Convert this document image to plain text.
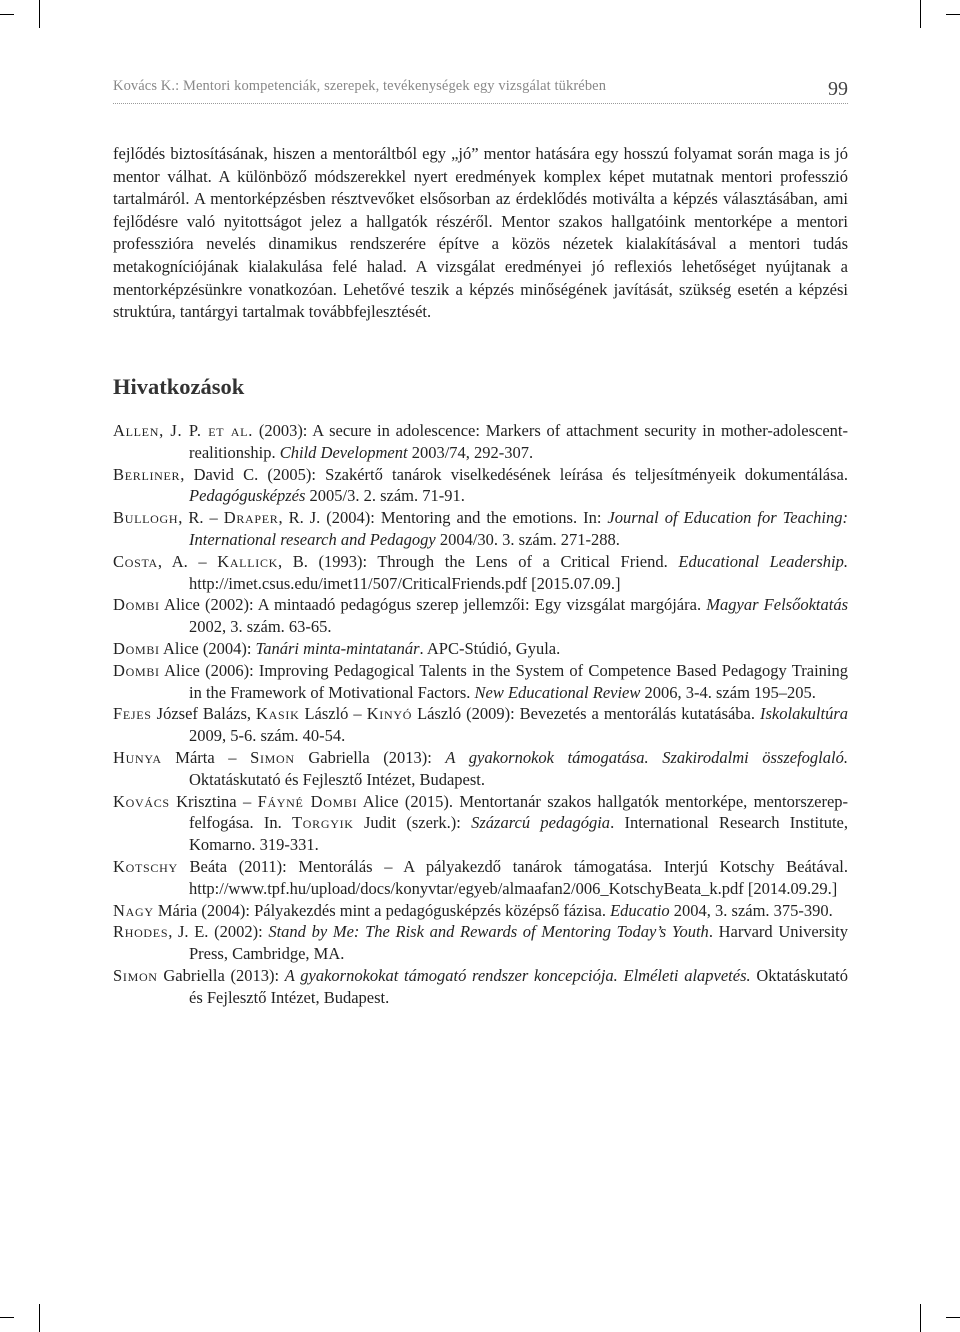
Kovács K.: Mentori kompetenciák, szerepek, tevékenységek egy vizsgálat tükrében	99

fejlődés biztosításának, hiszen a mentoráltból egy „jó” mentor hatására egy hosszú folyamat során maga is jó mentor válhat. A különböző módszerekkel nyert eredmények komplex képet mutatnak mentori professzió tartalmáról. A mentorképzésben résztvevőket elsősorban az érdeklődés motiválta a képzés választásában, ami fejlődésre való nyitottságot jelez a hallgatók részéről. Mentor szakos hallgatóink mentorképe a mentori professzióra nevelés dinamikus rendszerére építve a közös nézetek kialakításával a mentori tudás metakogníciójának kialakulása felé halad. A vizsgálat eredményei jó reflexiós lehetőséget nyújtanak a mentorképzésünkre vonatkozóan. Lehetővé teszik a képzés minőségének javítását, szükség esetén a képzési struktúra, tantárgyi tartalmak továbbfejlesztését.

Hivatkozások
Allen, J. P. et al. (2003): A secure in adolescence: Markers of attachment security in mother-adolescent-realitionship. Child Development 2003/74, 292-307.
Berliner, David C. (2005): Szakértő tanárok viselkedésének leírása és teljesítményeik dokumentálása. Pedagógusképzés 2005/3. 2. szám. 71-91.
Bullogh, R. – Draper, R. J. (2004): Mentoring and the emotions. In: Journal of Education for Teaching: International research and Pedagogy 2004/30. 3. szám. 271-288.
Costa, A. – Kallick, B. (1993): Through the Lens of a Critical Friend. Educational Leadership. http://imet.csus.edu/imet11/507/CriticalFriends.pdf [2015.07.09.]
Dombi Alice (2002): A mintaadó pedagógus szerep jellemzői: Egy vizsgálat margójára. Magyar Felsőoktatás 2002, 3. szám. 63-65.
Dombi Alice (2004): Tanári minta-mintatanár. APC-Stúdió, Gyula.
Dombi Alice (2006): Improving Pedagogical Talents in the System of Competence Based Pedagogy Training in the Framework of Motivational Factors. New Educational Review 2006, 3-4. szám 195–205.
Fejes József Balázs, Kasik László – Kinyó László (2009): Bevezetés a mentorálás kutatásába. Iskolakultúra 2009, 5-6. szám. 40-54.
Hunya Márta – Simon Gabriella (2013): A gyakornokok támogatása. Szakirodalmi összefoglaló. Oktatáskutató és Fejlesztő Intézet, Budapest.
Kovács Krisztina – Fáyné Dombi Alice (2015). Mentortanár szakos hallgatók mentorképe, mentorszerep-felfogása. In. Torgyik Judit (szerk.): Százarcú pedagógia. International Research Institute, Komarno. 319-331.
Kotschy Beáta (2011): Mentorálás – A pályakezdő tanárok támogatása. Interjú Kotschy Beátával. http://www.tpf.hu/upload/docs/konyvtar/egyeb/almaafan2/006_KotschyBeata_k.pdf [2014.09.29.]
Nagy Mária (2004): Pályakezdés mint a pedagógusképzés középső fázisa. Educatio 2004, 3. szám. 375-390.
Rhodes, J. E. (2002): Stand by Me: The Risk and Rewards of Mentoring Today’s Youth. Harvard University Press, Cambridge, MA.
Simon Gabriella (2013): A gyakornokokat támogató rendszer koncepciója. Elméleti alapvetés. Oktatáskutató és Fejlesztő Intézet, Budapest.
